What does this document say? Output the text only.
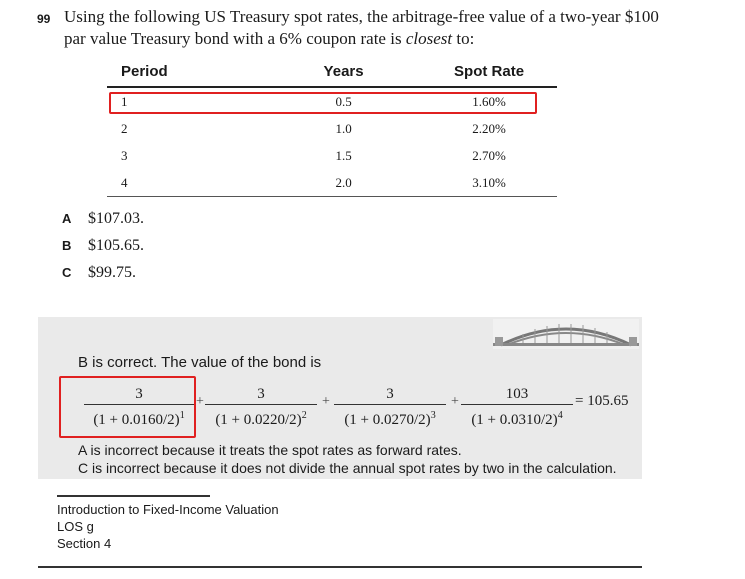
99 Using the following US Treasury spot rates, the arbitrage-free value of a two-year $100 par value Treasury bond with a 6% coupon rate is closest to:
Period	Years	Spot Rate
1	0.5	1.60%
2	1.0	2.20%
3	1.5	2.70%
4	2.0	3.10%
A	$107.03.
B	$105.65.
C	$99.75.
B is correct. The value of the bond is
$\frac{3}{(1 + 0.0160/2)^1} + \frac{3}{(1 + 0.0220/2)^2} + \frac{3}{(1 + 0.0270/2)^3} + \frac{103}{(1 + 0.0310/2)^4} = 105.65$
A is incorrect because it treats the spot rates as forward rates.
C is incorrect because it does not divide the annual spot rates by two in the calculation.
Introduction to Fixed-Income Valuation
LOS g
Section 4
